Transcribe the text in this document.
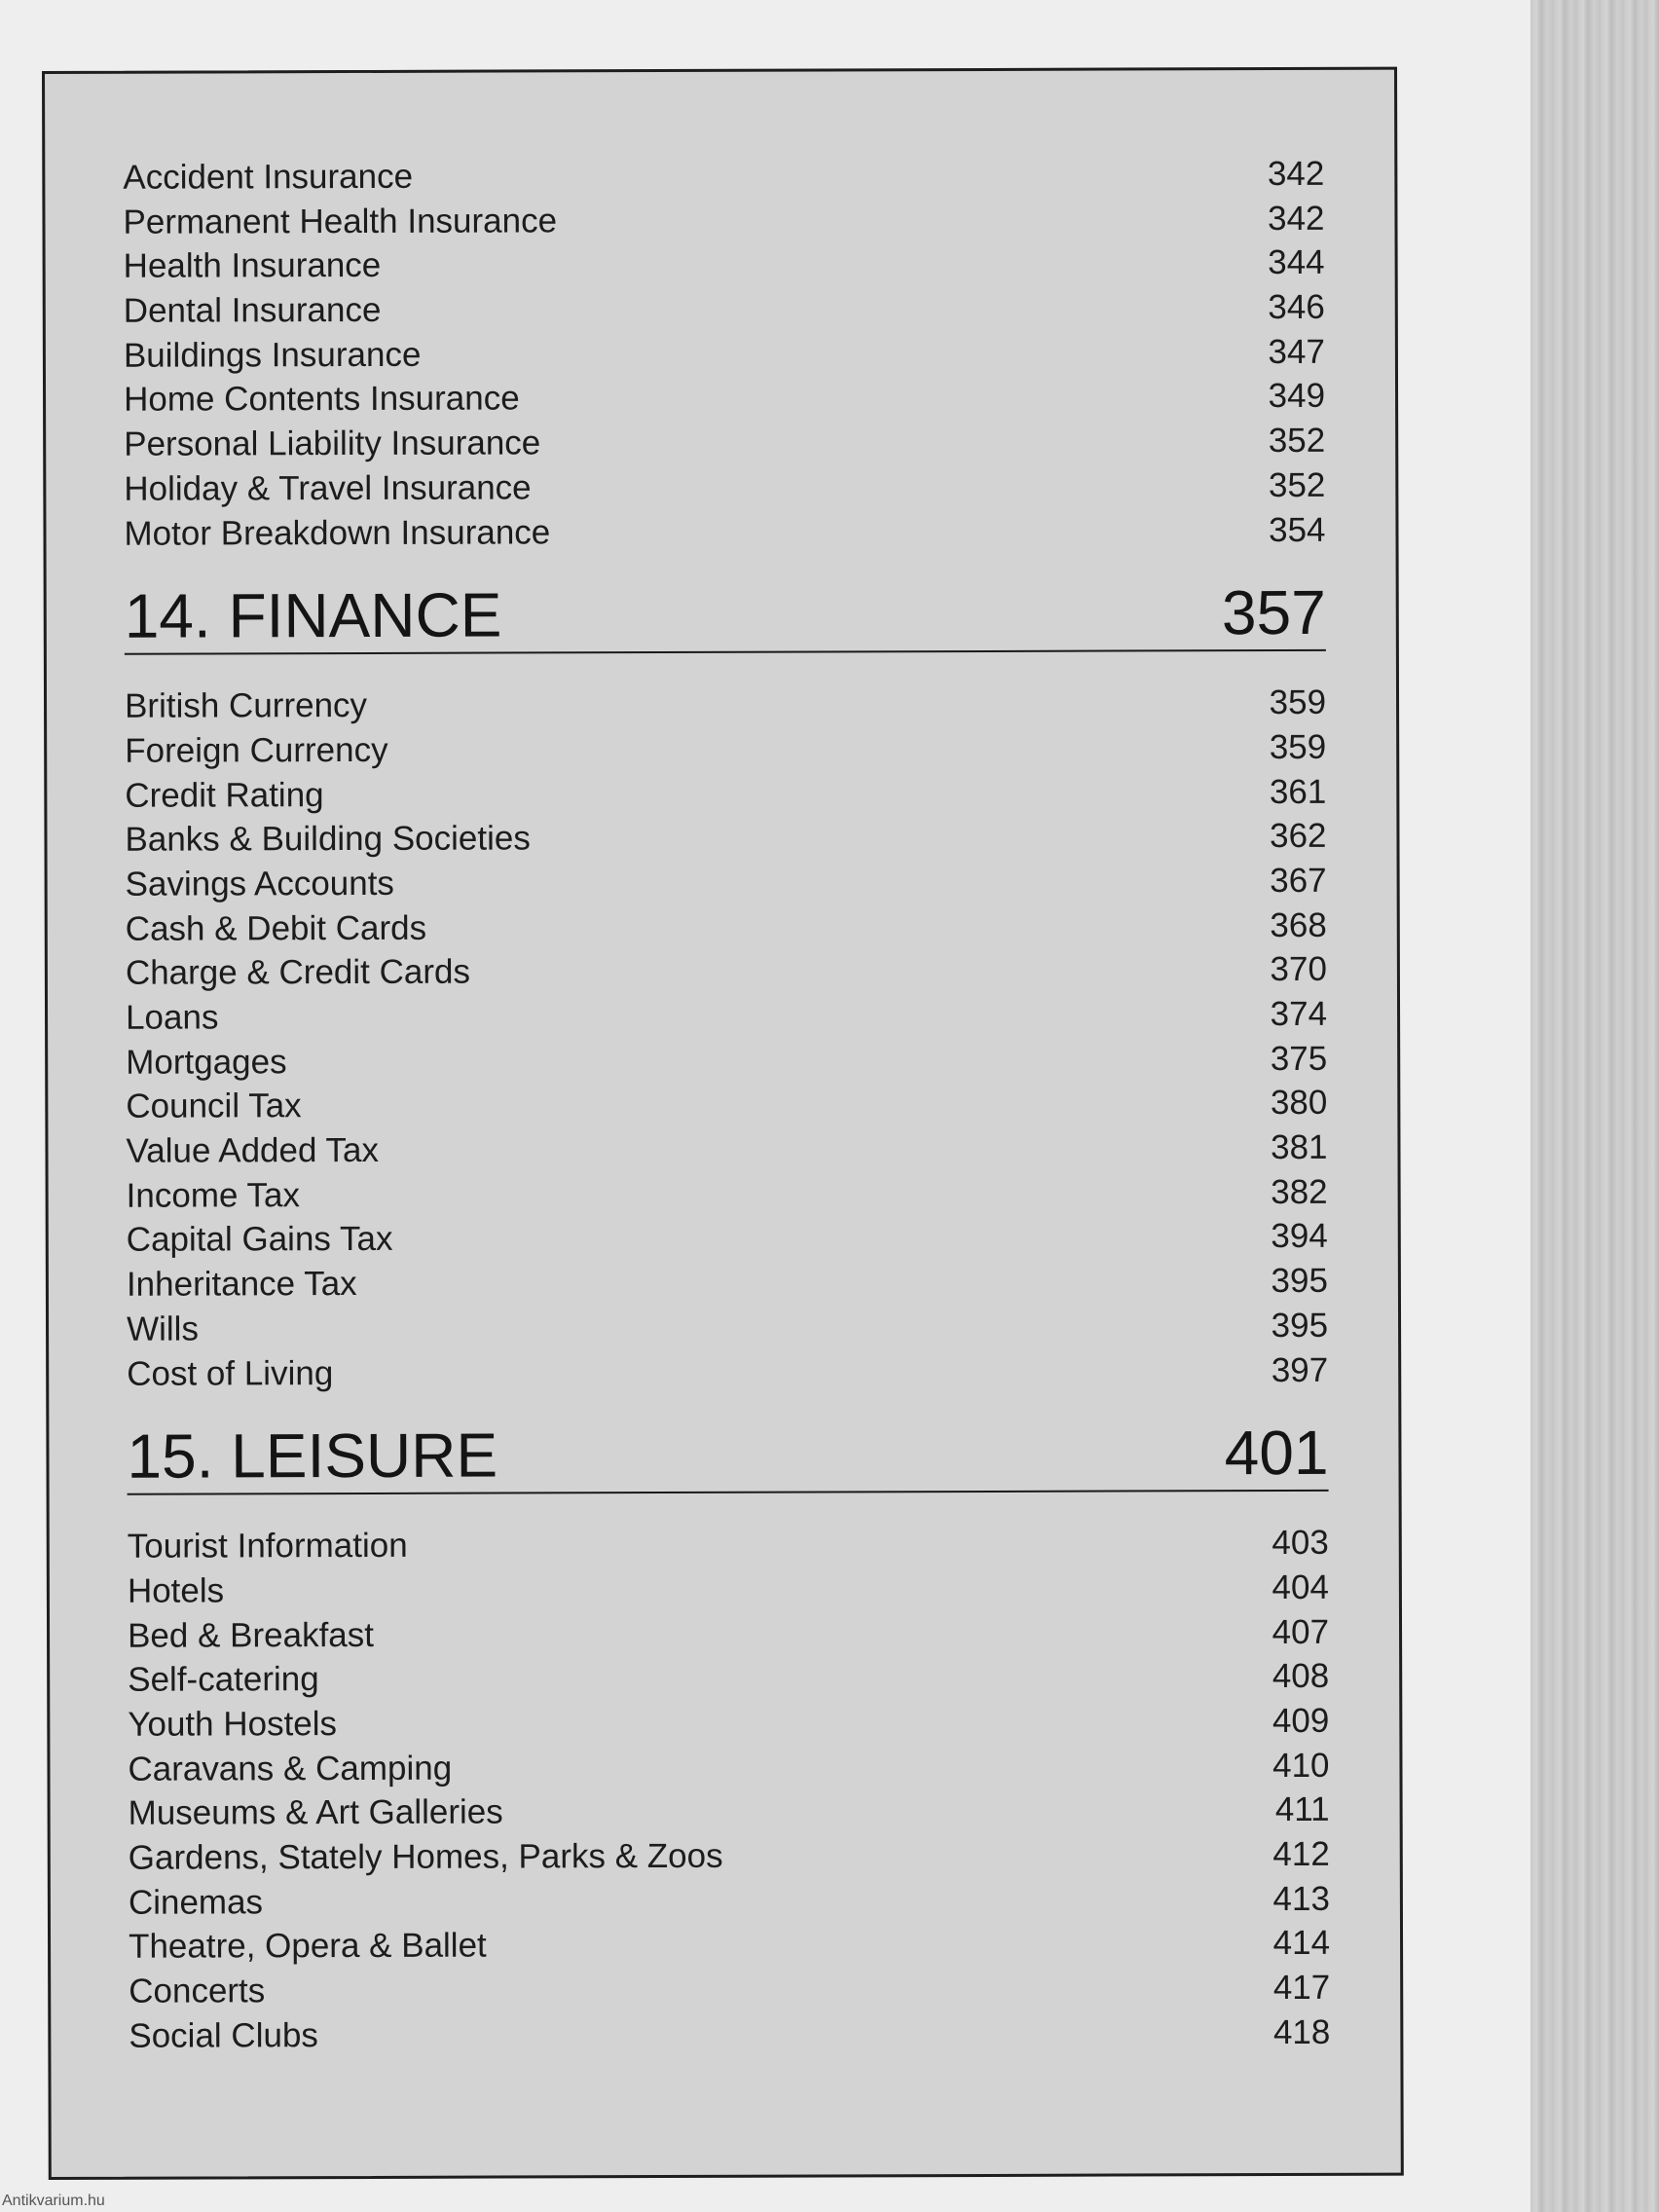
Accident Insurance	342
Permanent Health Insurance	342
Health Insurance	344
Dental Insurance	346
Buildings Insurance	347
Home Contents Insurance	349
Personal Liability Insurance	352
Holiday & Travel Insurance	352
Motor Breakdown Insurance	354
14. FINANCE	357
British Currency	359
Foreign Currency	359
Credit Rating	361
Banks & Building Societies	362
Savings Accounts	367
Cash & Debit Cards	368
Charge & Credit Cards	370
Loans	374
Mortgages	375
Council Tax	380
Value Added Tax	381
Income Tax	382
Capital Gains Tax	394
Inheritance Tax	395
Wills	395
Cost of Living	397
15. LEISURE	401
Tourist Information	403
Hotels	404
Bed & Breakfast	407
Self-catering	408
Youth Hostels	409
Caravans & Camping	410
Museums & Art Galleries	411
Gardens, Stately Homes, Parks & Zoos	412
Cinemas	413
Theatre, Opera & Ballet	414
Concerts	417
Social Clubs	418
Antikvarium.hu
